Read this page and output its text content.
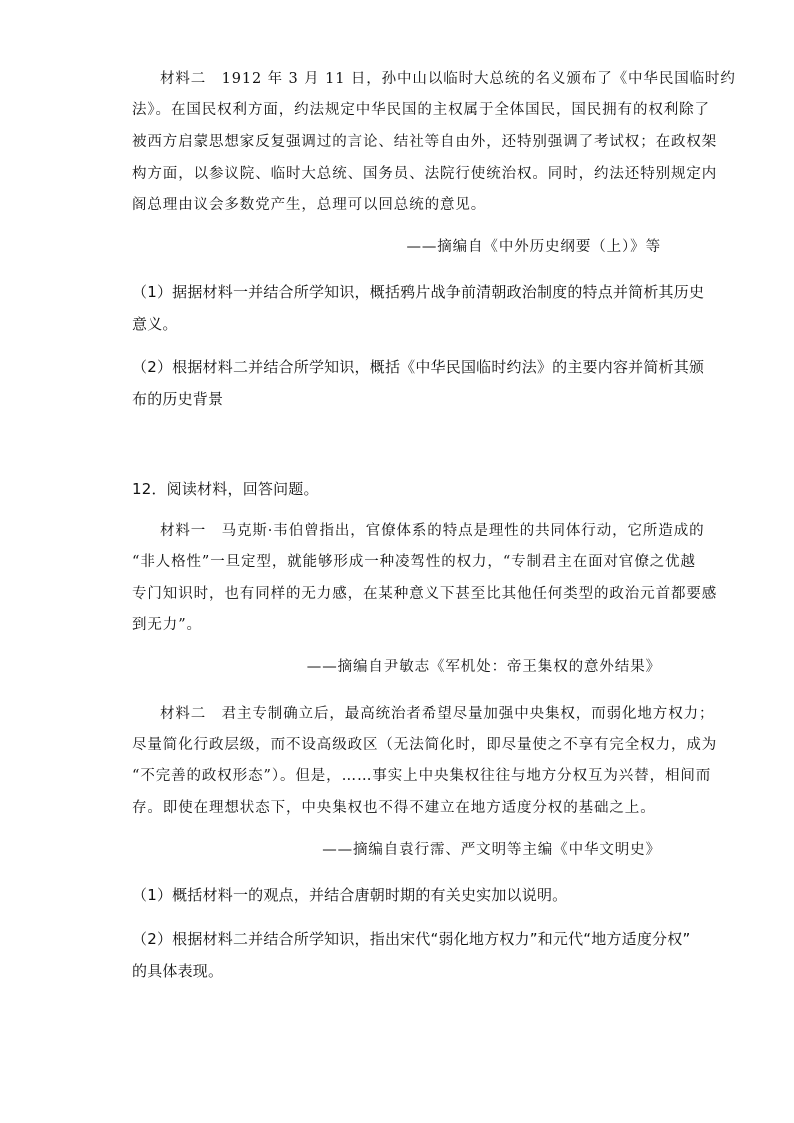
材料二　1912 年 3 月 11 日，孙中山以临时大总统的名义颁布了《中华民国临时约

法》。在国民权利方面，约法规定中华民国的主权属于全体国民，国民拥有的权利除了

被西方启蒙思想家反复强调过的言论、结社等自由外，还特别强调了考试权；在政权架

构方面，以参议院、临时大总统、国务员、法院行使统治权。同时，约法还特别规定内

阁总理由议会多数党产生，总理可以回总统的意见。

——摘编自《中外历史纲要（上）》等

（1）据据材料一并结合所学知识，概括鸦片战争前清朝政治制度的特点并简析其历史

意义。

（2）根据材料二并结合所学知识，概括《中华民国临时约法》的主要内容并简析其颁

布的历史背景

12．阅读材料，回答问题。

材料一　马克斯·韦伯曾指出，官僚体系的特点是理性的共同体行动，它所造成的

“非人格性”一旦定型，就能够形成一种凌驾性的权力，“专制君主在面对官僚之优越

专门知识时，也有同样的无力感，在某种意义下甚至比其他任何类型的政治元首都要感

到无力”。

——摘编自尹敏志《军机处：帝王集权的意外结果》

材料二　君主专制确立后，最高统治者希望尽量加强中央集权，而弱化地方权力；

尽量简化行政层级，而不设高级政区（无法简化时，即尽量使之不享有完全权力，成为

“不完善的政权形态”）。但是，……事实上中央集权往往与地方分权互为兴替，相间而

存。即使在理想状态下，中央集权也不得不建立在地方适度分权的基础之上。

——摘编自袁行霈、严文明等主编《中华文明史》

（1）概括材料一的观点，并结合唐朝时期的有关史实加以说明。

（2）根据材料二并结合所学知识，指出宋代“弱化地方权力”和元代“地方适度分权”

的具体表现。
